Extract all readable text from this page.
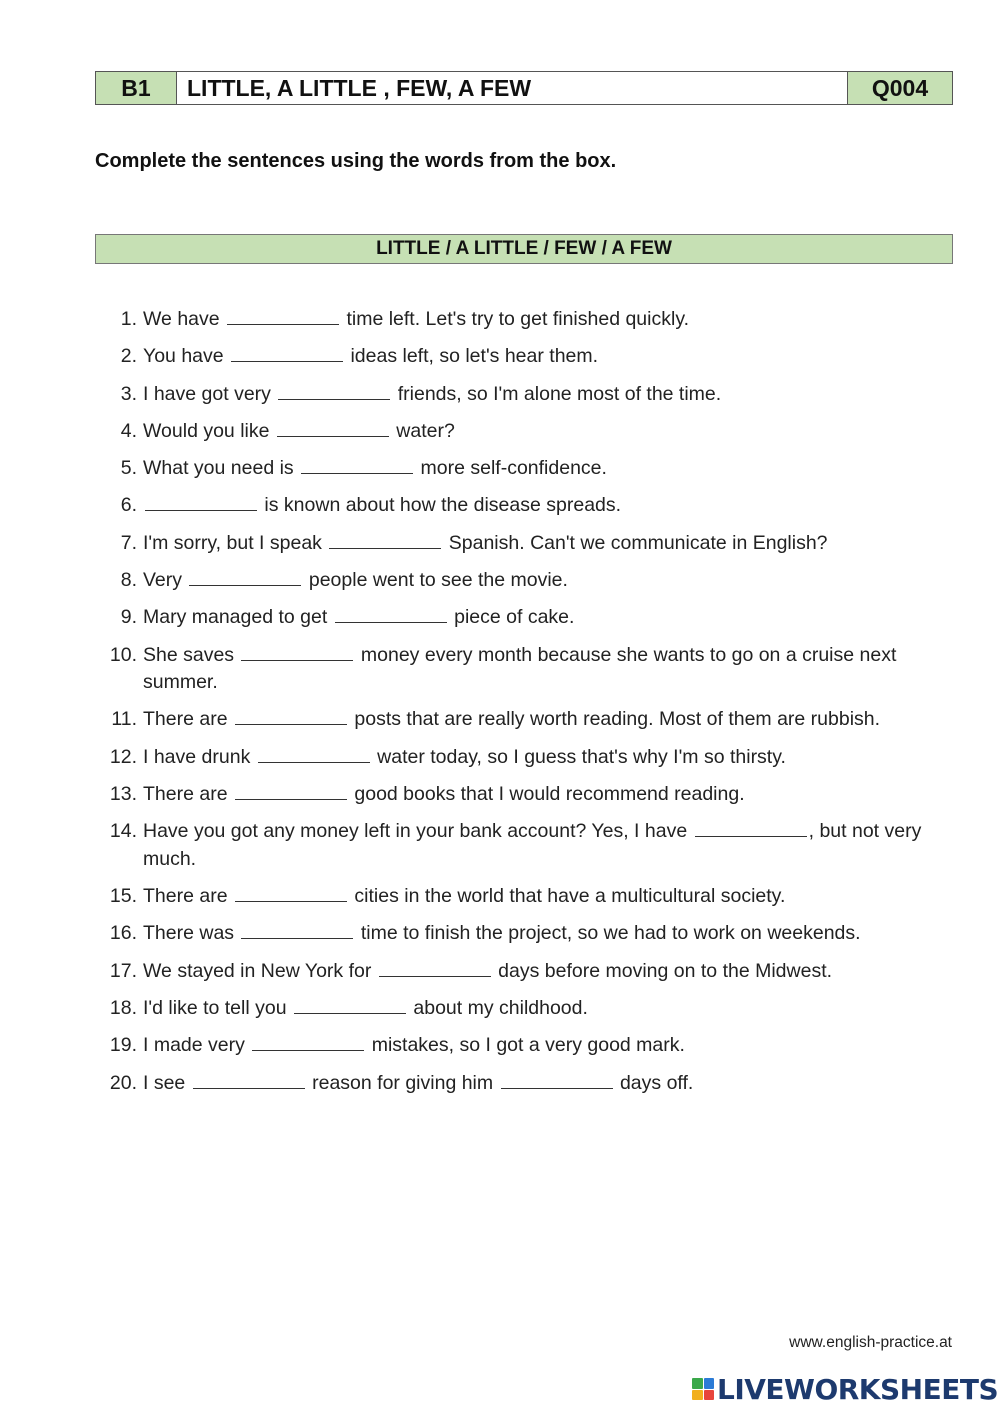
B1	LITTLE, A LITTLE , FEW, A FEW	Q004
Complete the sentences using the words from the box.
LITTLE / A LITTLE / FEW / A FEW
1. We have	time left. Let's try to get finished quickly.
2. You have	ideas left, so let's hear them.
3. I have got very	friends, so I'm alone most of the time.
4. Would you like	water?
5. What you need is	more self-confidence.
6.	is known about how the disease spreads.
7. I'm sorry, but I speak	Spanish. Can't we communicate in English?
8. Very	people went to see the movie.
9. Mary managed to get	piece of cake.
10. She saves	money every month because she wants to go on a cruise next summer.
11. There are	posts that are really worth reading. Most of them are rubbish.
12. I have drunk	water today, so I guess that's why I'm so thirsty.
13. There are	good books that I would recommend reading.
14. Have you got any money left in your bank account? Yes, I have	, but not very much.
15. There are	cities in the world that have a multicultural society.
16. There was	time to finish the project, so we had to work on weekends.
17. We stayed in New York for	days before moving on to the Midwest.
18. I'd like to tell you	about my childhood.
19. I made very	mistakes, so I got a very good mark.
20. I see	reason for giving him	days off.
www.english-practice.at
LIVEWORKSHEETS
